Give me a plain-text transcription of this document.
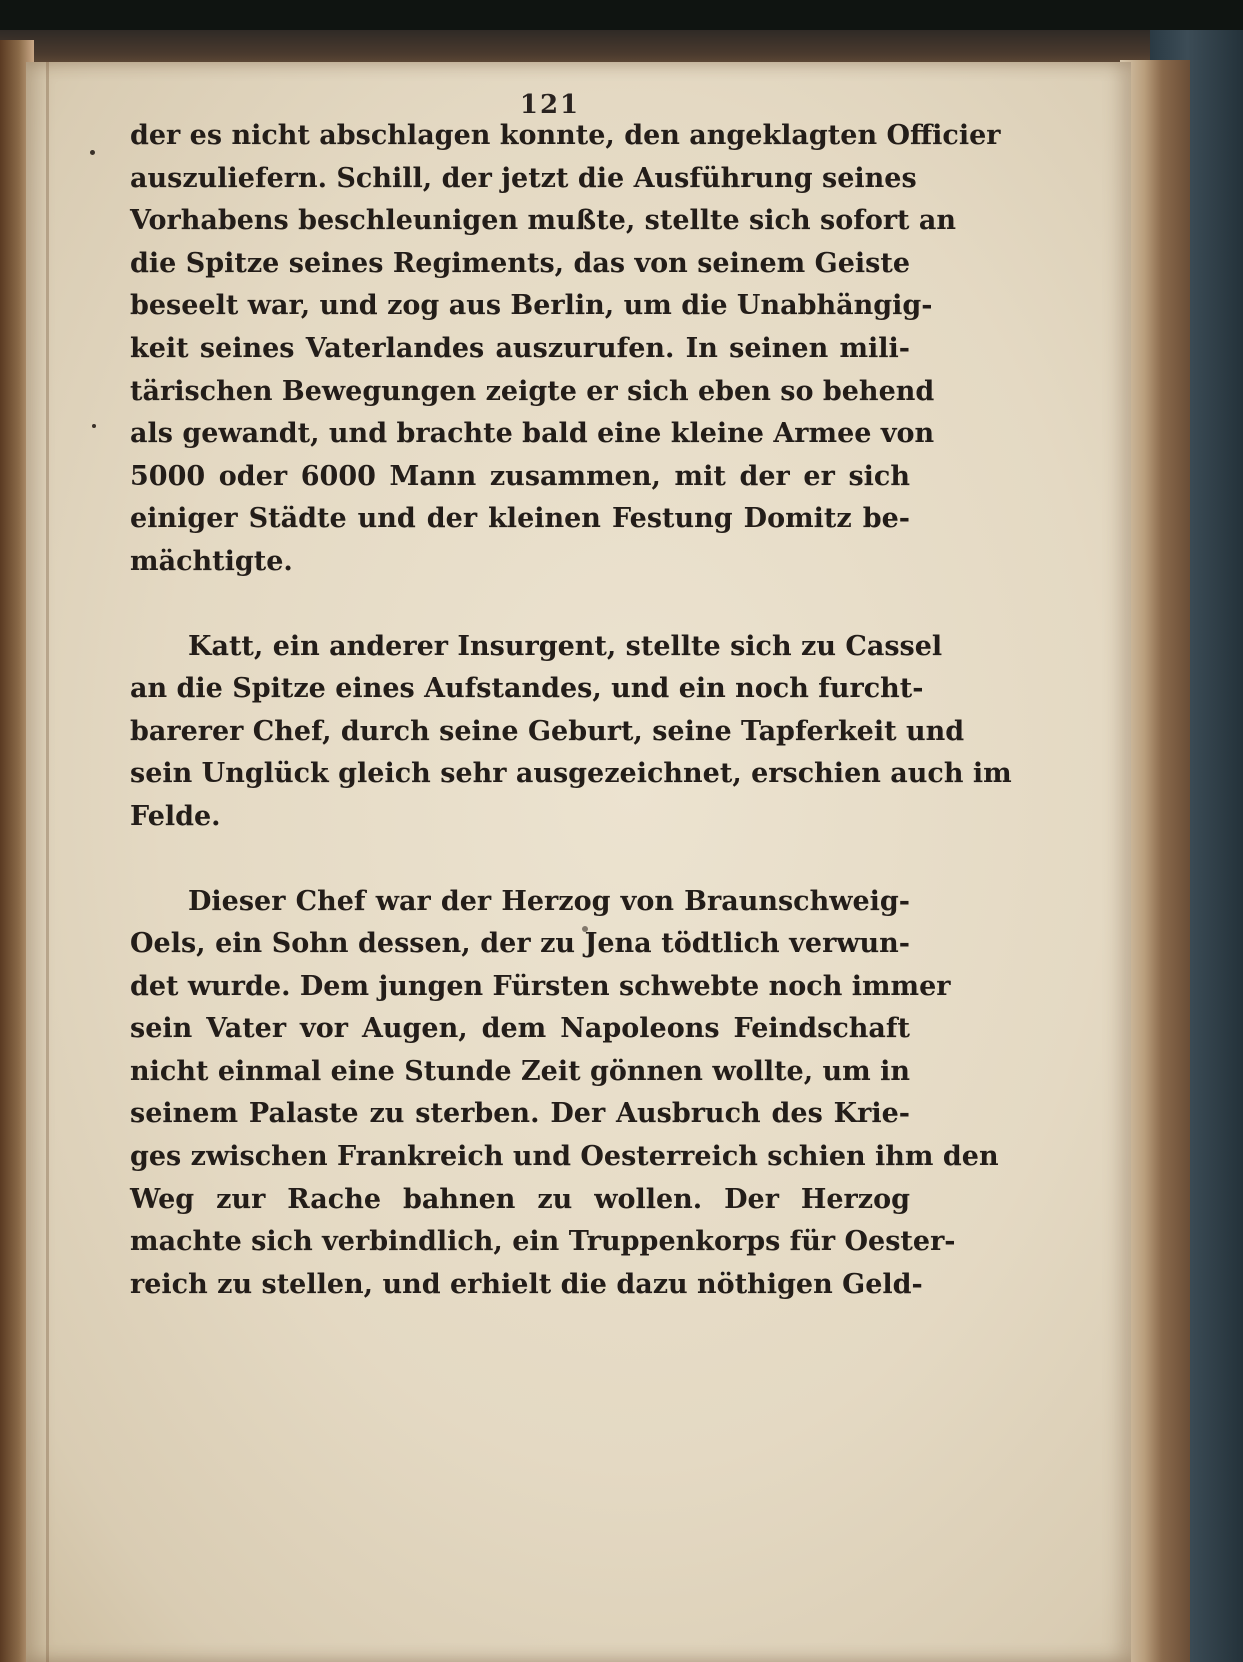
121
der es nicht abschlagen konnte, den angeklagten Officier
auszuliefern. Schill, der jetzt die Ausführung seines
Vorhabens beschleunigen mußte, stellte sich sofort an
die Spitze seines Regiments, das von seinem Geiste
beseelt war, und zog aus Berlin, um die Unabhängig-
keit seines Vaterlandes auszurufen. In seinen mili-
tärischen Bewegungen zeigte er sich eben so behend
als gewandt, und brachte bald eine kleine Armee von
5000 oder 6000 Mann zusammen, mit der er sich
einiger Städte und der kleinen Festung Domitz be-
mächtigte.
Katt, ein anderer Insurgent, stellte sich zu Cassel
an die Spitze eines Aufstandes, und ein noch furcht-
barerer Chef, durch seine Geburt, seine Tapferkeit und
sein Unglück gleich sehr ausgezeichnet, erschien auch im
Felde.
Dieser Chef war der Herzog von Braunschweig-
Oels, ein Sohn dessen, der zu Jena tödtlich verwun-
det wurde. Dem jungen Fürsten schwebte noch immer
sein Vater vor Augen, dem Napoleons Feindschaft
nicht einmal eine Stunde Zeit gönnen wollte, um in
seinem Palaste zu sterben. Der Ausbruch des Krie-
ges zwischen Frankreich und Oesterreich schien ihm den
Weg zur Rache bahnen zu wollen. Der Herzog
machte sich verbindlich, ein Truppenkorps für Oester-
reich zu stellen, und erhielt die dazu nöthigen Geld-
